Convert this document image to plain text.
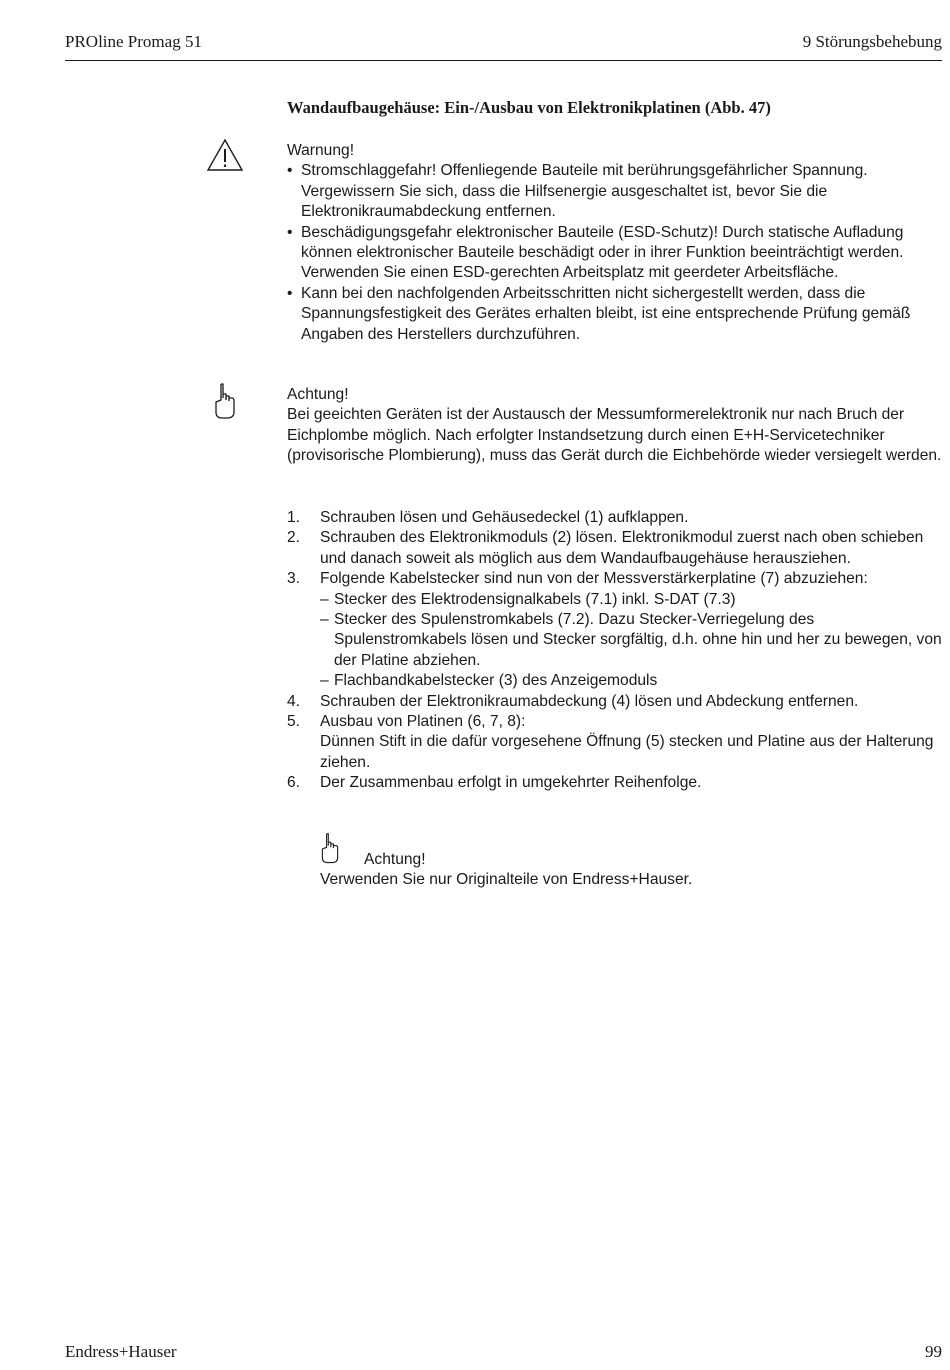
PROline Promag 51	9 Störungsbehebung
Wandaufbaugehäuse: Ein-/Ausbau von Elektronikplatinen (Abb. 47)

Warnung!

• Stromschlaggefahr! Offenliegende Bauteile mit berührungsgefährlicher Spannung. Vergewissern Sie sich, dass die Hilfsenergie ausgeschaltet ist, bevor Sie die Elektronikraumabdeckung entfernen.
• Beschädigungsgefahr elektronischer Bauteile (ESD-Schutz)! Durch statische Aufladung können elektronischer Bauteile beschädigt oder in ihrer Funktion beeinträchtigt werden. Verwenden Sie einen ESD-gerechten Arbeitsplatz mit geerdeter Arbeitsfläche.
• Kann bei den nachfolgenden Arbeitsschritten nicht sichergestellt werden, dass die Spannungsfestigkeit des Gerätes erhalten bleibt, ist eine entsprechende Prüfung gemäß Angaben des Herstellers durchzuführen.

Achtung!

Bei geeichten Geräten ist der Austausch der Messumformerelektronik nur nach Bruch der Eichplombe möglich. Nach erfolgter Instandsetzung durch einen E+H-Servicetechniker (provisorische Plombierung), muss das Gerät durch die Eichbehörde wieder versiegelt werden.

1. Schrauben lösen und Gehäusedeckel (1) aufklappen.
2. Schrauben des Elektronikmoduls (2) lösen. Elektronikmodul zuerst nach oben schieben und danach soweit als möglich aus dem Wandaufbaugehäuse herausziehen.
3. Folgende Kabelstecker sind nun von der Messverstärkerplatine (7) abzuziehen:
– Stecker des Elektrodensignalkabels (7.1) inkl. S-DAT (7.3)
– Stecker des Spulenstromkabels (7.2). Dazu Stecker-Verriegelung des Spulenstromkabels lösen und Stecker sorgfältig, d.h. ohne hin und her zu bewegen, von der Platine abziehen.
– Flachbandkabelstecker (3) des Anzeigemoduls
4. Schrauben der Elektronikraumabdeckung (4) lösen und Abdeckung entfernen.
5. Ausbau von Platinen (6, 7, 8):
Dünnen Stift in die dafür vorgesehene Öffnung (5) stecken und Platine aus der Halterung ziehen.
6. Der Zusammenbau erfolgt in umgekehrter Reihenfolge.

Achtung!

Verwenden Sie nur Originalteile von Endress+Hauser.

Endress+Hauser	99
